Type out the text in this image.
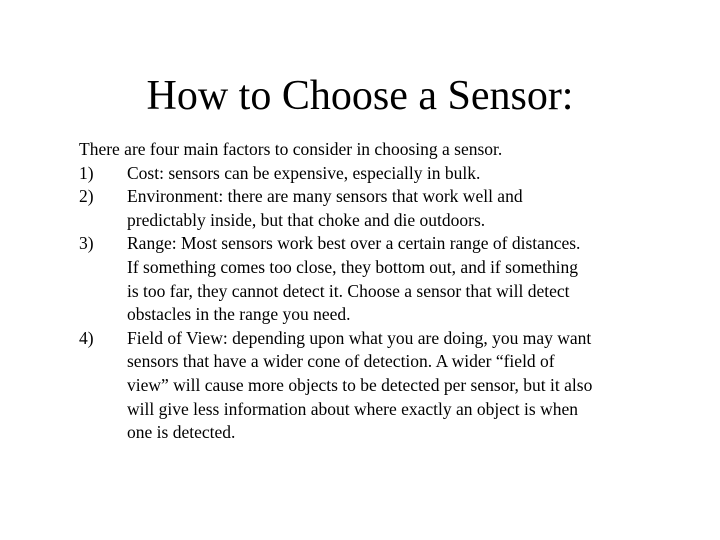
How to Choose a Sensor:
There are four main factors to consider in choosing a sensor.
1)	Cost: sensors can be expensive, especially in bulk.
2)	Environment: there are many sensors that work well and
predictably inside, but that choke and die outdoors.
3)	Range: Most sensors work best over a certain range of distances.
If something comes too close, they bottom out, and if something
is too far, they cannot detect it. Choose a sensor that will detect
obstacles in the range you need.
4)	Field of View: depending upon what you are doing, you may want
sensors that have a wider cone of detection. A wider “field of
view” will cause more objects to be detected per sensor, but it also
will give less information about where exactly an object is when
one is detected.
